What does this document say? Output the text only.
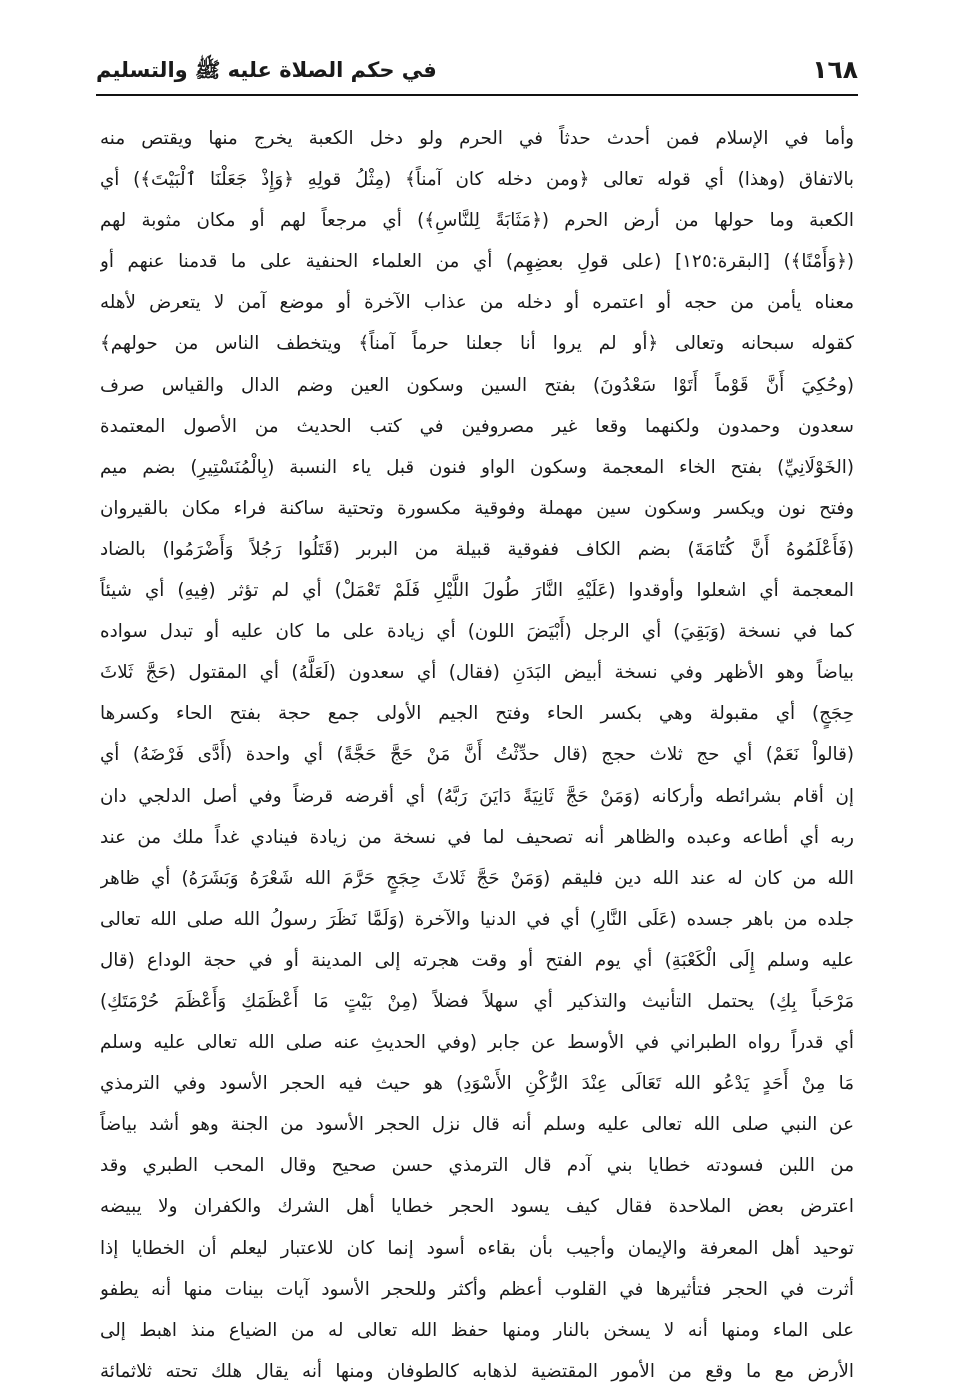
١٦٨
في حكم الصلاة عليه ﷺ والتسليم
وأما في الإسلام فمن أحدث حدثاً في الحرم ولو دخل الكعبة يخرج منها ويقتص منه
بالاتفاق (وهذا) أي قوله تعالى ﴿ومن دخله كان آمناً﴾ (مِثْلُ قولِهِ ﴿وَإِذْ جَعَلْنَا ٱلْبَيْتَ﴾) أي
الكعبة وما حولها من أرض الحرم (﴿مَثَابَةً لِلنَّاسِ﴾) أي مرجعاً لهم أو مكان مثوبة لهم
(﴿وَأَمْنًا﴾) [البقرة:١٢٥] (على قولِ بعضِهِم) أي من العلماء الحنفية على ما قدمنا عنهم أو
معناه يأمن من حجه أو اعتمره أو دخله من عذاب الآخرة أو موضع آمن لا يتعرض لأهله
كقوله سبحانه وتعالى ﴿أو لم يروا أنا جعلنا حرماً آمناً﴾ ويتخطف الناس من حولهم﴾
(وحُكِيَ أَنَّ قَوْماً أَتَوْا سَعْدُونَ) بفتح السين وسكون العين وضم الدال والقياس صرف
سعدون وحمدون ولكنهما وقعا غير مصروفين في كتب الحديث من الأصول المعتمدة
(الخَوْلَانِيِّ) بفتح الخاء المعجمة وسكون الواو فنون قبل ياء النسبة (بِالْمُنَسْتِيرِ) بضم ميم
وفتح نون ويكسر وسكون سين مهملة وفوقية مكسورة وتحتية ساكنة فراء مكان بالقيروان
(فَأَعْلَمُوهُ أَنَّ كُتَامَةَ) بضم الكاف ففوقية قبيلة من البربر (قَتَلُوا رَجُلاً وَأَضْرَمُوا) بالضاد
المعجمة أي اشعلوا وأوقدوا (عَلَيْهِ النَّارَ طُولَ اللَّيْلِ فَلَمْ تَعْمَلْ) أي لم تؤثر (فِيهِ) أي شيئاً
كما في نسخة (وَبَقِيَ) أي الرجل (أَبْيَضَ اللون) أي زيادة على ما كان عليه أو تبدل سواده
بياضاً وهو الأظهر وفي نسخة أبيض البَدَنِ (فقال) أي سعدون (لَعَلَّهُ) أي المقتول (حَجَّ ثَلاثَ
حِجَجٍ) أي مقبولة وهي بكسر الحاء وفتح الجيم الأولى جمع حجة بفتح الحاء وكسرها
(قالواْ نَعَمْ) أي حج ثلاث حجج (قال حدِّثْتُ أَنَّ مَنْ حَجَّ حَجَّةً) أي واحدة (أَدَّى فَرْضَهُ) أي
إن أقام بشرائطه وأركانه (وَمَنْ حَجَّ ثَانِيَةً دَايَنَ رَبَّهُ) أي أقرضه قرضاً وفي أصل الدلجي دان
ربه أي أطاعه وعبده والظاهر أنه تصحيف لما في نسخة من زيادة فينادي غداً ملك من عند
الله من كان له عند الله دين فليقم (وَمَنْ حَجَّ ثَلاثَ حِجَجٍ حَرَّمَ الله شَعْرَهُ وَبَشَرَهُ) أي ظاهر
جلده من باهر جسده (عَلَى النَّارِ) أي في الدنيا والآخرة (وَلَمَّا نَظَرَ رسولُ الله صلى الله تعالى
عليه وسلم إِلَى الْكَعْبَةِ) أي يوم الفتح أو وقت هجرته إلى المدينة أو في حجة الوداع (قال
مَرْحَباً بِكِ) يحتمل التأنيث والتذكير أي سهلاً فضلاً (مِنْ بَيْتٍ مَا أَعْظَمَكِ وَأَعْظَمَ حُرْمَتَكِ)
أي قدراً رواه الطبراني في الأوسط عن جابر (وفي الحديثِ عنه صلى الله تعالى عليه وسلم
مَا مِنْ أَحَدٍ يَدْعُو الله تَعَالَى عِنْدَ الرُّكْنِ الأَسْوَدِ) هو حيث فيه الحجر الأسود وفي الترمذي
عن النبي صلى الله تعالى عليه وسلم أنه قال نزل الحجر الأسود من الجنة وهو أشد بياضاً
من اللبن فسودته خطايا بني آدم قال الترمذي حسن صحيح وقال المحب الطبري وقد
اعترض بعض الملاحدة فقال كيف يسود الحجر خطايا أهل الشرك والكفران ولا يبيضه
توحيد أهل المعرفة والإيمان وأجيب بأن بقاءه أسود إنما كان للاعتبار ليعلم أن الخطايا إذا
أثرت في الحجر فتأثيرها في القلوب أعظم وأكثر وللحجر الأسود آيات بينات منها أنه يطفو
على الماء ومنها أنه لا يسخن بالنار ومنها حفظ الله تعالى له من الضياع منذ اهبط إلى
الأرض مع ما وقع من الأمور المقتضية لذهابه كالطوفان ومنها أنه يقال هلك تحته ثلاثمائة
